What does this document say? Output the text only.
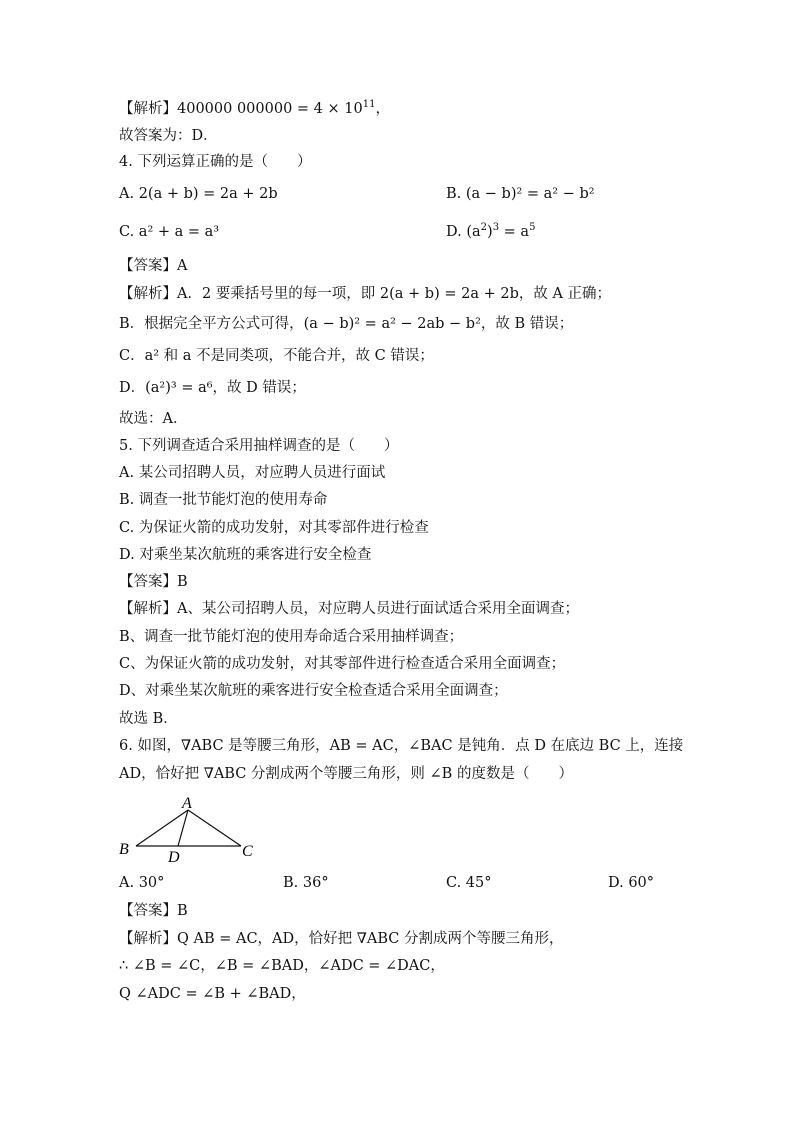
【解析】400000 $000000 = 4 \times 10^{11}$，
故答案为：D．
4. 下列运算正确的是（　　）
A. 2(a + b) = 2a + 2b	B. (a − b)² = a² − b²
C. a² + a = a³	D. $(a^2)^3 = a^5$
【答案】A
【解析】A．2 要乘括号里的每一项，即 2(a + b) = 2a + 2b，故 A 正确；
B．根据完全平方公式可得，(a − b)² = a² − 2ab − b²，故 B 错误；
C．a² 和 a 不是同类项，不能合并，故 C 错误；
D．(a²)³ = a⁶，故 D 错误；
故选：A．
5. 下列调查适合采用抽样调查的是（　　）
A. 某公司招聘人员，对应聘人员进行面试
B. 调查一批节能灯泡的使用寿命
C. 为保证火箭的成功发射，对其零部件进行检查
D. 对乘坐某次航班的乘客进行安全检查
【答案】B
【解析】A、某公司招聘人员，对应聘人员进行面试适合采用全面调查；
B、调查一批节能灯泡的使用寿命适合采用抽样调查；
C、为保证火箭的成功发射，对其零部件进行检查适合采用全面调查；
D、对乘坐某次航班的乘客进行安全检查适合采用全面调查；
故选 B．
6. 如图，∇ABC 是等腰三角形，AB = AC，∠BAC 是钝角．点 D 在底边 BC 上，连接
AD，恰好把 ∇ABC 分割成两个等腰三角形，则 ∠B 的度数是（　　）
A
B	C
D
A. 30°	B. 36°	C. 45°	D. 60°
【答案】B
【解析】Q AB = AC，AD，恰好把 ∇ABC 分割成两个等腰三角形，
∴ ∠B = ∠C，∠B = ∠BAD，∠ADC = ∠DAC，
Q ∠ADC = ∠B + ∠BAD，
